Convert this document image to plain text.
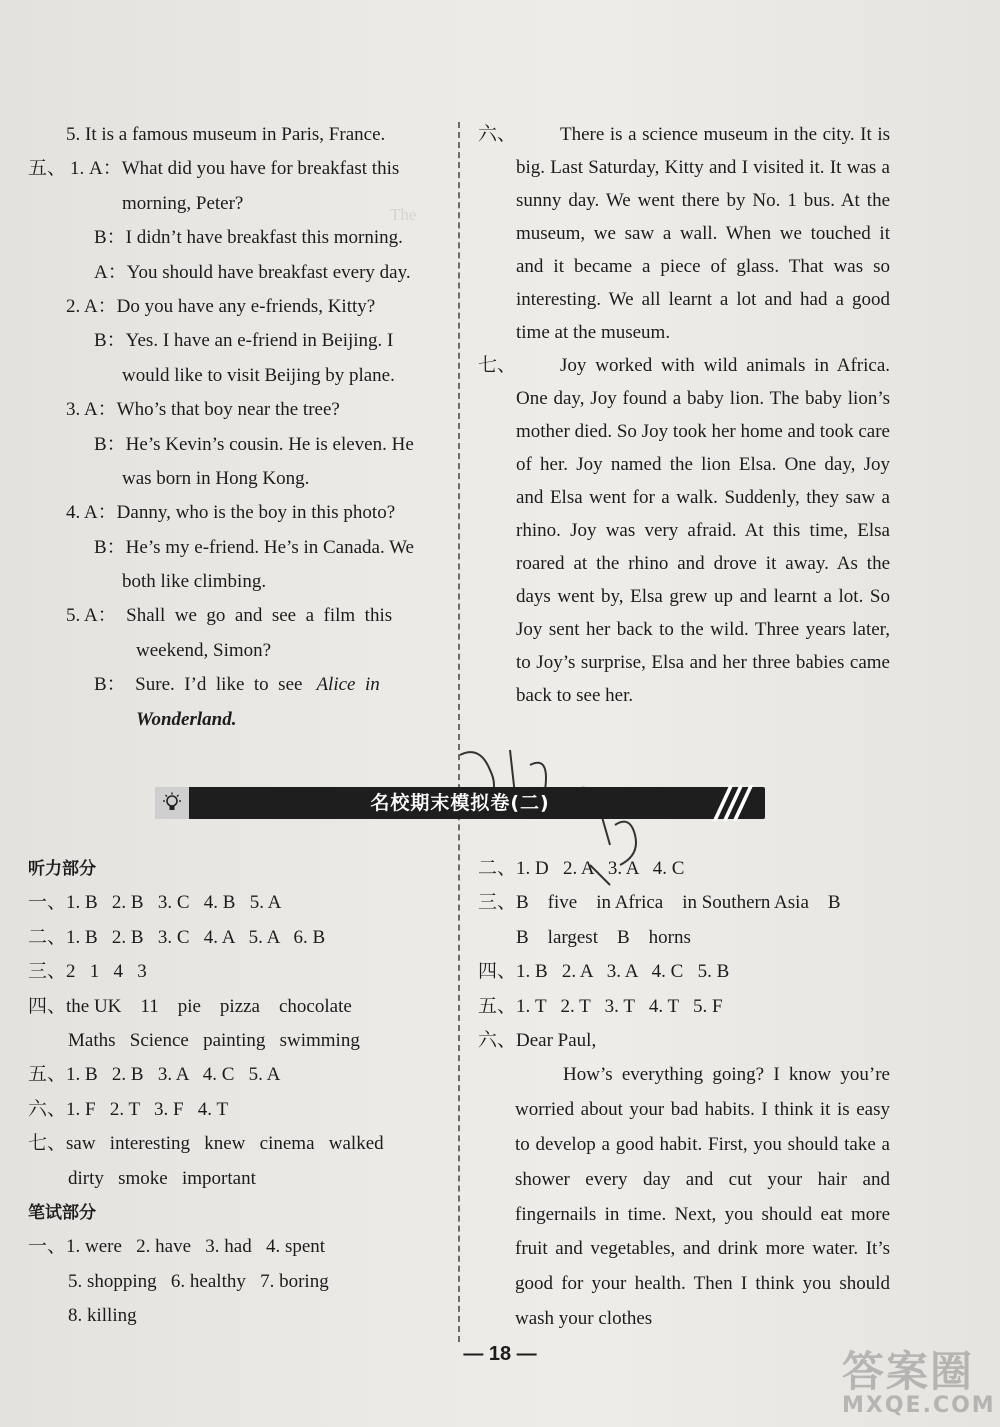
The
5. It is a famous museum in Paris, France.
五、 1. A：What did you have for breakfast this
morning, Peter?
B：I didn’t have breakfast this morning.
A：You should have breakfast every day.
2. A：Do you have any e-friends, Kitty?
B：Yes. I have an e-friend in Beijing. I
would like to visit Beijing by plane.
3. A：Who’s that boy near the tree?
B：He’s Kevin’s cousin. He is eleven. He
was born in Hong Kong.
4. A：Danny, who is the boy in this photo?
B：He’s my e-friend. He’s in Canada. We
both like climbing.
5. A：  Shall  we  go  and  see  a  film  this
weekend, Simon?
B：  Sure.  I’d  like  to  see Alice  in
Wonderland.
六、	There is a science museum in the city. It is big. Last Saturday, Kitty and I visited it. It was a sunny day. We went there by No. 1 bus. At the museum, we saw a wall. When we touched it and it became a piece of glass. That was so interesting. We all learnt a lot and had a good time at the museum.
七、	Joy worked with wild animals in Africa. One day, Joy found a baby lion. The baby lion’s mother died. So Joy took her home and took care of her. Joy named the lion Elsa. One day, Joy and Elsa went for a walk. Suddenly, they saw a rhino. Joy was very afraid. At this time, Elsa roared at the rhino and drove it away. As the days went by, Elsa grew up and learnt a lot. So Joy sent her back to the wild. Three years later, to Joy’s surprise, Elsa and her three babies came back to see her.
名校期末模拟卷(二)
听力部分
一、1. B   2. B   3. C   4. B   5. A
二、1. B   2. B   3. C   4. A   5. A   6. B
三、2   1   4   3
四、the UK    11    pie    pizza    chocolate
Maths   Science   painting   swimming
五、1. B   2. B   3. A   4. C   5. A
六、1. F   2. T   3. F   4. T
七、saw   interesting   knew   cinema   walked
dirty   smoke   important
笔试部分
一、1. were   2. have   3. had   4. spent
5. shopping   6. healthy   7. boring
8. killing
二、1. D   2. A   3. A   4. C
三、B    five    in Africa    in Southern Asia    B
B    largest    B    horns
四、1. B   2. A   3. A   4. C   5. B
五、1. T   2. T   3. T   4. T   5. F
六、Dear Paul,
How’s everything going? I know you’re worried about your bad habits. I think it is easy to develop a good habit. First, you should take a shower every day and cut your hair and fingernails in time. Next, you should eat more fruit and vegetables, and drink more water. It’s good for your health. Then I think you should wash your clothes
— 18 —	答案圈
MXQE.COM
